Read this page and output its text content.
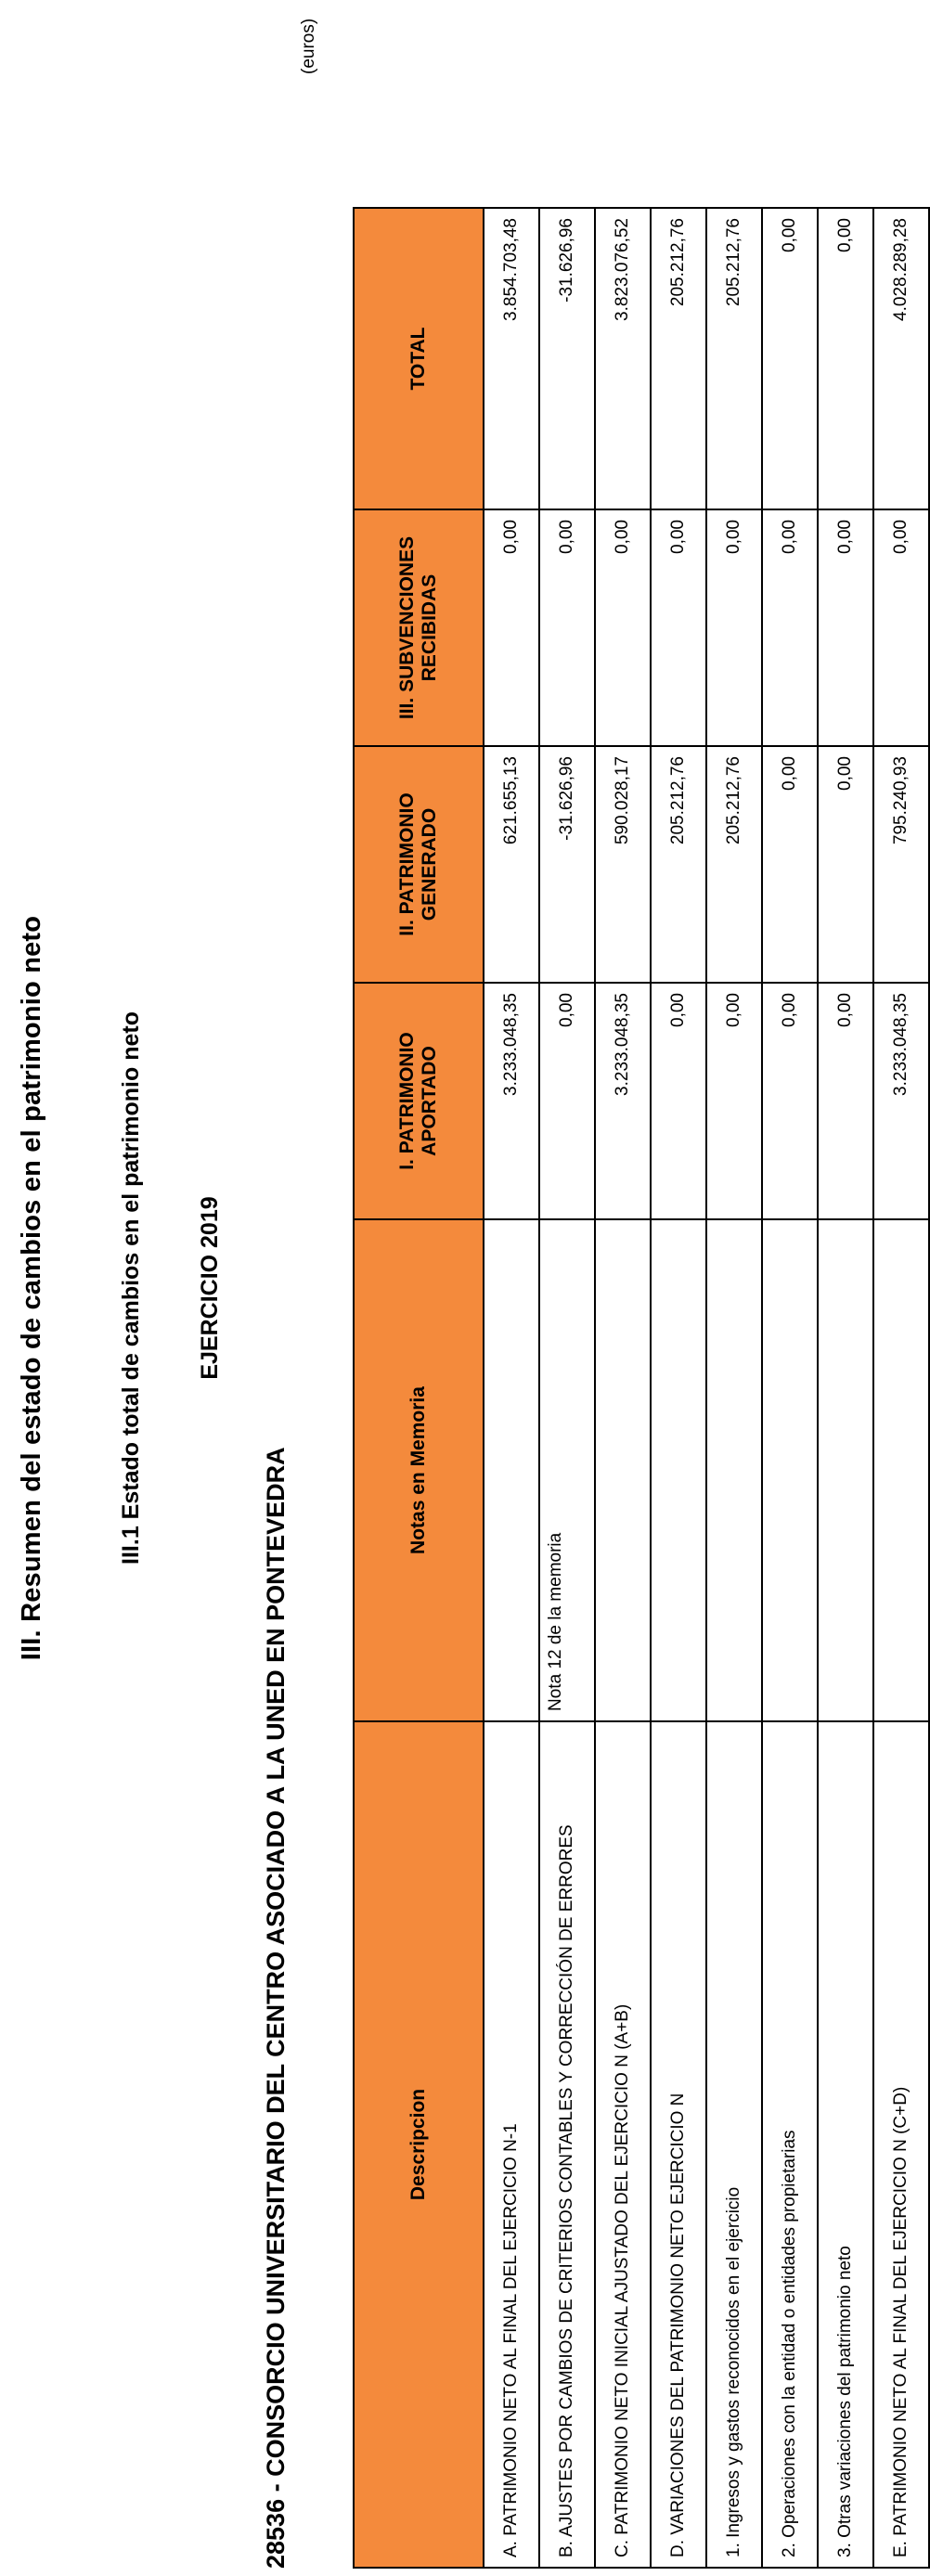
III. Resumen del estado de cambios en el patrimonio neto	III.1 Estado total de cambios en el patrimonio neto EJERCICIO 2019
28536 - CONSORCIO UNIVERSITARIO DEL CENTRO ASOCIADO A LA UNED EN PONTEVEDRA
(euros)
Descripcion	Notas en Memoria	I. PATRIMONIO APORTADO	II. PATRIMONIO GENERADO	III. SUBVENCIONES RECIBIDAS	TOTAL
A. PATRIMONIO NETO AL FINAL DEL EJERCICIO N-1		3.233.048,35	621.655,13	0,00	3.854.703,48
B. AJUSTES POR CAMBIOS DE CRITERIOS CONTABLES Y CORRECCIÓN DE ERRORES	Nota 12 de la memoria	0,00	-31.626,96	0,00	-31.626,96
C. PATRIMONIO NETO INICIAL AJUSTADO DEL EJERCICIO N (A+B)		3.233.048,35	590.028,17	0,00	3.823.076,52
D. VARIACIONES DEL PATRIMONIO NETO EJERCICIO N		0,00	205.212,76	0,00	205.212,76
1. Ingresos y gastos reconocidos en el ejercicio		0,00	205.212,76	0,00	205.212,76
2. Operaciones con la entidad o entidades propietarias		0,00	0,00	0,00	0,00
3. Otras variaciones del patrimonio neto		0,00	0,00	0,00	0,00
E. PATRIMONIO NETO AL FINAL DEL EJERCICIO N (C+D)		3.233.048,35	795.240,93	0,00	4.028.289,28
